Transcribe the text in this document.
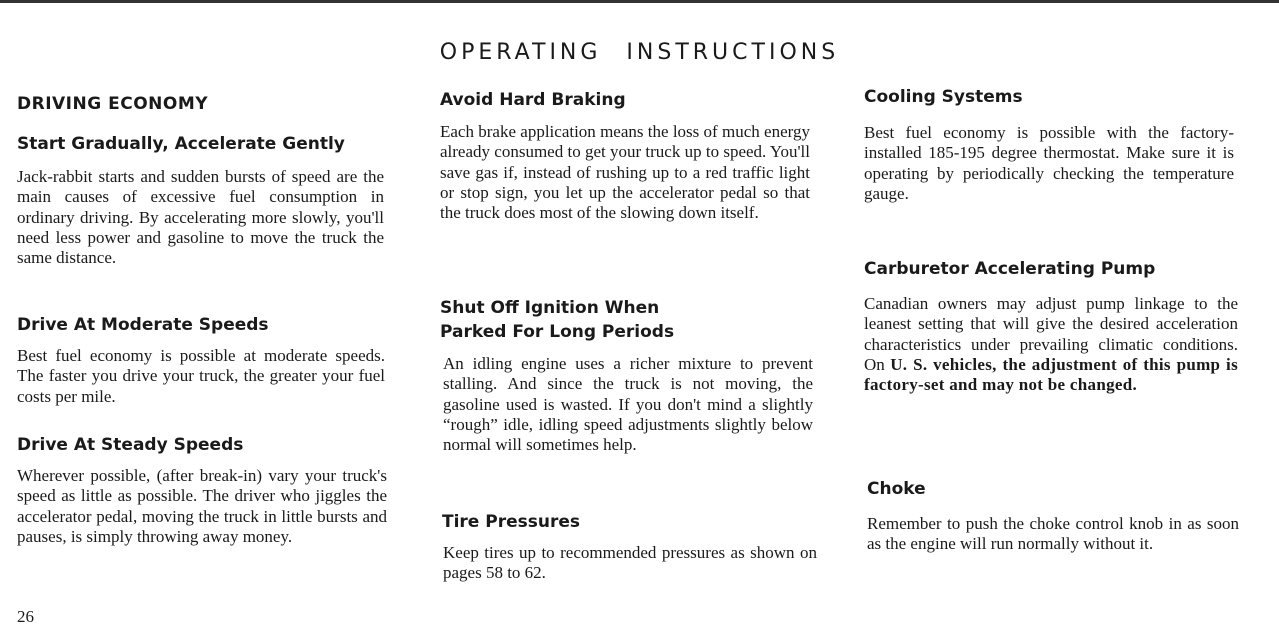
OPERATING INSTRUCTIONS
DRIVING ECONOMY
Start Gradually, Accelerate Gently

Jack-rabbit starts and sudden bursts of speed are the main causes of excessive fuel consumption in ordinary driving. By accelerating more slowly, you'll need less power and gasoline to move the truck the same distance.

Drive At Moderate Speeds

Best fuel economy is possible at moderate speeds. The faster you drive your truck, the greater your fuel costs per mile.

Drive At Steady Speeds

Wherever possible, (after break-in) vary your truck's speed as little as possible. The driver who jiggles the accelerator pedal, moving the truck in little bursts and pauses, is simply throwing away money.

Avoid Hard Braking

Each brake application means the loss of much energy already consumed to get your truck up to speed. You'll save gas if, instead of rushing up to a red traffic light or stop sign, you let up the accelerator pedal so that the truck does most of the slowing down itself.

Shut Off Ignition When
Parked For Long Periods

An idling engine uses a richer mixture to prevent stalling. And since the truck is not moving, the gasoline used is wasted. If you don't mind a slightly “rough” idle, idling speed adjustments slightly below normal will sometimes help.

Tire Pressures

Keep tires up to recommended pressures as shown on pages 58 to 62.

Cooling Systems

Best fuel economy is possible with the factory-installed 185-195 degree thermostat. Make sure it is operating by periodically checking the temperature gauge.

Carburetor Accelerating Pump

Canadian owners may adjust pump linkage to the leanest setting that will give the desired acceleration characteristics under prevailing climatic conditions. On U. S. vehicles, the adjustment of this pump is factory-set and may not be changed.

Choke

Remember to push the choke control knob in as soon as the engine will run normally without it.

26
